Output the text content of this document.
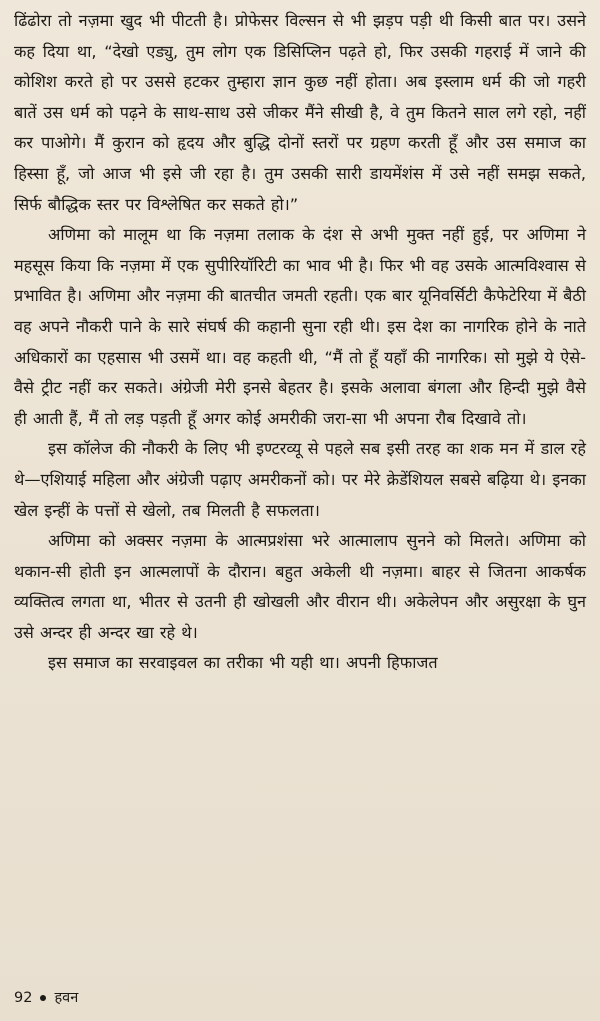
ढिंढोरा तो नज़मा खुद भी पीटती है। प्रोफेसर विल्सन से भी झड़प पड़ी थी किसी बात पर। उसने कह दिया था, “देखो एड्यु, तुम लोग एक डिसिप्लिन पढ़ते हो, फिर उसकी गहराई में जाने की कोशिश करते हो पर उससे हटकर तुम्हारा ज्ञान कुछ नहीं होता। अब इस्लाम धर्म की जो गहरी बातें उस धर्म को पढ़ने के साथ-साथ उसे जीकर मैंने सीखी है, वे तुम कितने साल लगे रहो, नहीं कर पाओगे। मैं कुरान को हृदय और बुद्धि दोनों स्तरों पर ग्रहण करती हूँ और उस समाज का हिस्सा हूँ, जो आज भी इसे जी रहा है। तुम उसकी सारी डायमेंशंस में उसे नहीं समझ सकते, सिर्फ बौद्धिक स्तर पर विश्लेषित कर सकते हो।”

अणिमा को मालूम था कि नज़मा तलाक के दंश से अभी मुक्त नहीं हुई, पर अणिमा ने महसूस किया कि नज़मा में एक सुपीरियॉरिटी का भाव भी है। फिर भी वह उसके आत्मविश्वास से प्रभावित है। अणिमा और नज़मा की बातचीत जमती रहती। एक बार यूनिवर्सिटी कैफेटेरिया में बैठी वह अपने नौकरी पाने के सारे संघर्ष की कहानी सुना रही थी। इस देश का नागरिक होने के नाते अधिकारों का एहसास भी उसमें था। वह कहती थी, “मैं तो हूँ यहाँ की नागरिक। सो मुझे ये ऐसे-वैसे ट्रीट नहीं कर सकते। अंग्रेजी मेरी इनसे बेहतर है। इसके अलावा बंगला और हिन्दी मुझे वैसे ही आती हैं, मैं तो लड़ पड़ती हूँ अगर कोई अमरीकी जरा-सा भी अपना रौब दिखावे तो।

इस कॉलेज की नौकरी के लिए भी इण्टरव्यू से पहले सब इसी तरह का शक मन में डाल रहे थे—एशियाई महिला और अंग्रेजी पढ़ाए अमरीकनों को। पर मेरे क्रेडेंशियल सबसे बढ़िया थे। इनका खेल इन्हीं के पत्तों से खेलो, तब मिलती है सफलता।

अणिमा को अक्सर नज़मा के आत्मप्रशंसा भरे आत्मालाप सुनने को मिलते। अणिमा को थकान-सी होती इन आत्मलापों के दौरान। बहुत अकेली थी नज़मा। बाहर से जितना आकर्षक व्यक्तित्व लगता था, भीतर से उतनी ही खोखली और वीरान थी। अकेलेपन और असुरक्षा के घुन उसे अन्दर ही अन्दर खा रहे थे।

इस समाज का सरवाइवल का तरीका भी यही था। अपनी हिफाजत

92 हवन
